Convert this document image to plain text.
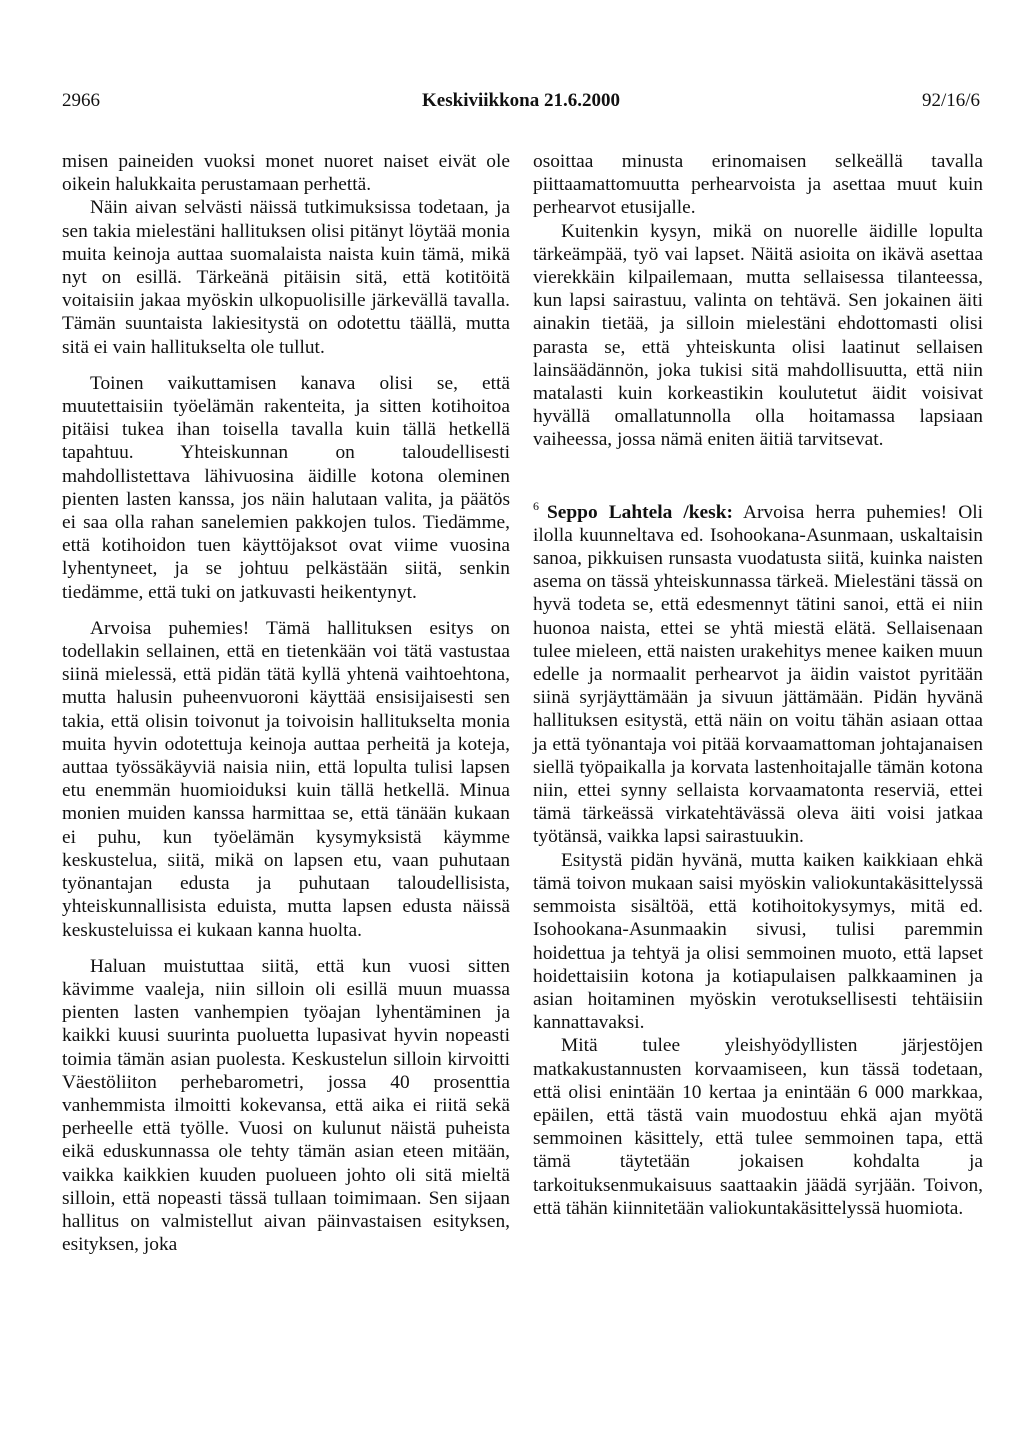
2966	Keskiviikkona 21.6.2000	92/16/6

misen paineiden vuoksi monet nuoret naiset eivät ole oikein halukkaita perustamaan perhettä.

Näin aivan selvästi näissä tutkimuksissa todetaan, ja sen takia mielestäni hallituksen olisi pitänyt löytää monia muita keinoja auttaa suomalaista naista kuin tämä, mikä nyt on esillä. Tärkeänä pitäisin sitä, että kotitöitä voitaisiin jakaa myöskin ulkopuolisille järkevällä tavalla. Tämän suuntaista lakiesitystä on odotettu täällä, mutta sitä ei vain hallitukselta ole tullut.

Toinen vaikuttamisen kanava olisi se, että muutettaisiin työelämän rakenteita, ja sitten kotihoitoa pitäisi tukea ihan toisella tavalla kuin tällä hetkellä tapahtuu. Yhteiskunnan on taloudellisesti mahdollistettava lähivuosina äidille kotona oleminen pienten lasten kanssa, jos näin halutaan valita, ja päätös ei saa olla rahan sanelemien pakkojen tulos. Tiedämme, että kotihoidon tuen käyttöjaksot ovat viime vuosina lyhentyneet, ja se johtuu pelkästään siitä, senkin tiedämme, että tuki on jatkuvasti heikentynyt.

Arvoisa puhemies! Tämä hallituksen esitys on todellakin sellainen, että en tietenkään voi tätä vastustaa siinä mielessä, että pidän tätä kyllä yhtenä vaihtoehtona, mutta halusin puheenvuoroni käyttää ensisijaisesti sen takia, että olisin toivonut ja toivoisin hallitukselta monia muita hyvin odotettuja keinoja auttaa perheitä ja koteja, auttaa työssäkäyviä naisia niin, että lopulta tulisi lapsen etu enemmän huomioiduksi kuin tällä hetkellä. Minua monien muiden kanssa harmittaa se, että tänään kukaan ei puhu, kun työelämän kysymyksistä käymme keskustelua, siitä, mikä on lapsen etu, vaan puhutaan työnantajan edusta ja puhutaan taloudellisista, yhteiskunnallisista eduista, mutta lapsen edusta näissä keskusteluissa ei kukaan kanna huolta.

Haluan muistuttaa siitä, että kun vuosi sitten kävimme vaaleja, niin silloin oli esillä muun muassa pienten lasten vanhempien työajan lyhentäminen ja kaikki kuusi suurinta puoluetta lupasivat hyvin nopeasti toimia tämän asian puolesta. Keskustelun silloin kirvoitti Väestöliiton perhebarometri, jossa 40 prosenttia vanhemmista ilmoitti kokevansa, että aika ei riitä sekä perheelle että työlle. Vuosi on kulunut näistä puheista eikä eduskunnassa ole tehty tämän asian eteen mitään, vaikka kaikkien kuuden puolueen johto oli sitä mieltä silloin, että nopeasti tässä tullaan toimimaan. Sen sijaan hallitus on valmistellut aivan päinvastaisen esityksen, esityksen, joka

osoittaa minusta erinomaisen selkeällä tavalla piittaamattomuutta perhearvoista ja asettaa muut kuin perhearvot etusijalle.

Kuitenkin kysyn, mikä on nuorelle äidille lopulta tärkeämpää, työ vai lapset. Näitä asioita on ikävä asettaa vierekkäin kilpailemaan, mutta sellaisessa tilanteessa, kun lapsi sairastuu, valinta on tehtävä. Sen jokainen äiti ainakin tietää, ja silloin mielestäni ehdottomasti olisi parasta se, että yhteiskunta olisi laatinut sellaisen lainsäädännön, joka tukisi sitä mahdollisuutta, että niin matalasti kuin korkeastikin koulutetut äidit voisivat hyvällä omallatunnolla olla hoitamassa lapsiaan vaiheessa, jossa nämä eniten äitiä tarvitsevat.

$^6$ Seppo Lahtela /kesk: Arvoisa herra puhemies! Oli ilolla kuunneltava ed. Isohookana-Asunmaan, uskaltaisin sanoa, pikkuisen runsasta vuodatusta siitä, kuinka naisten asema on tässä yhteiskunnassa tärkeä. Mielestäni tässä on hyvä todeta se, että edesmennyt tätini sanoi, että ei niin huonoa naista, ettei se yhtä miestä elätä. Sellaisenaan tulee mieleen, että naisten urakehitys menee kaiken muun edelle ja normaalit perhearvot ja äidin vaistot pyritään siinä syrjäyttämään ja sivuun jättämään. Pidän hyvänä hallituksen esitystä, että näin on voitu tähän asiaan ottaa ja että työnantaja voi pitää korvaamattoman johtajanaisen siellä työpaikalla ja korvata lastenhoitajalle tämän kotona niin, ettei synny sellaista korvaamatonta reserviä, ettei tämä tärkeässä virkatehtävässä oleva äiti voisi jatkaa työtänsä, vaikka lapsi sairastuukin.

Esitystä pidän hyvänä, mutta kaiken kaikkiaan ehkä tämä toivon mukaan saisi myöskin valiokuntakäsittelyssä semmoista sisältöä, että kotihoitokysymys, mitä ed. Isohookana-Asunmaakin sivusi, tulisi paremmin hoidettua ja tehtyä ja olisi semmoinen muoto, että lapset hoidettaisiin kotona ja kotiapulaisen palkkaaminen ja asian hoitaminen myöskin verotuksellisesti tehtäisiin kannattavaksi.

Mitä tulee yleishyödyllisten järjestöjen matkakustannusten korvaamiseen, kun tässä todetaan, että olisi enintään 10 kertaa ja enintään 6 000 markkaa, epäilen, että tästä vain muodostuu ehkä ajan myötä semmoinen käsittely, että tulee semmoinen tapa, että tämä täytetään jokaisen kohdalta ja tarkoituksenmukaisuus saattaakin jäädä syrjään. Toivon, että tähän kiinnitetään valiokuntakäsittelyssä huomiota.
